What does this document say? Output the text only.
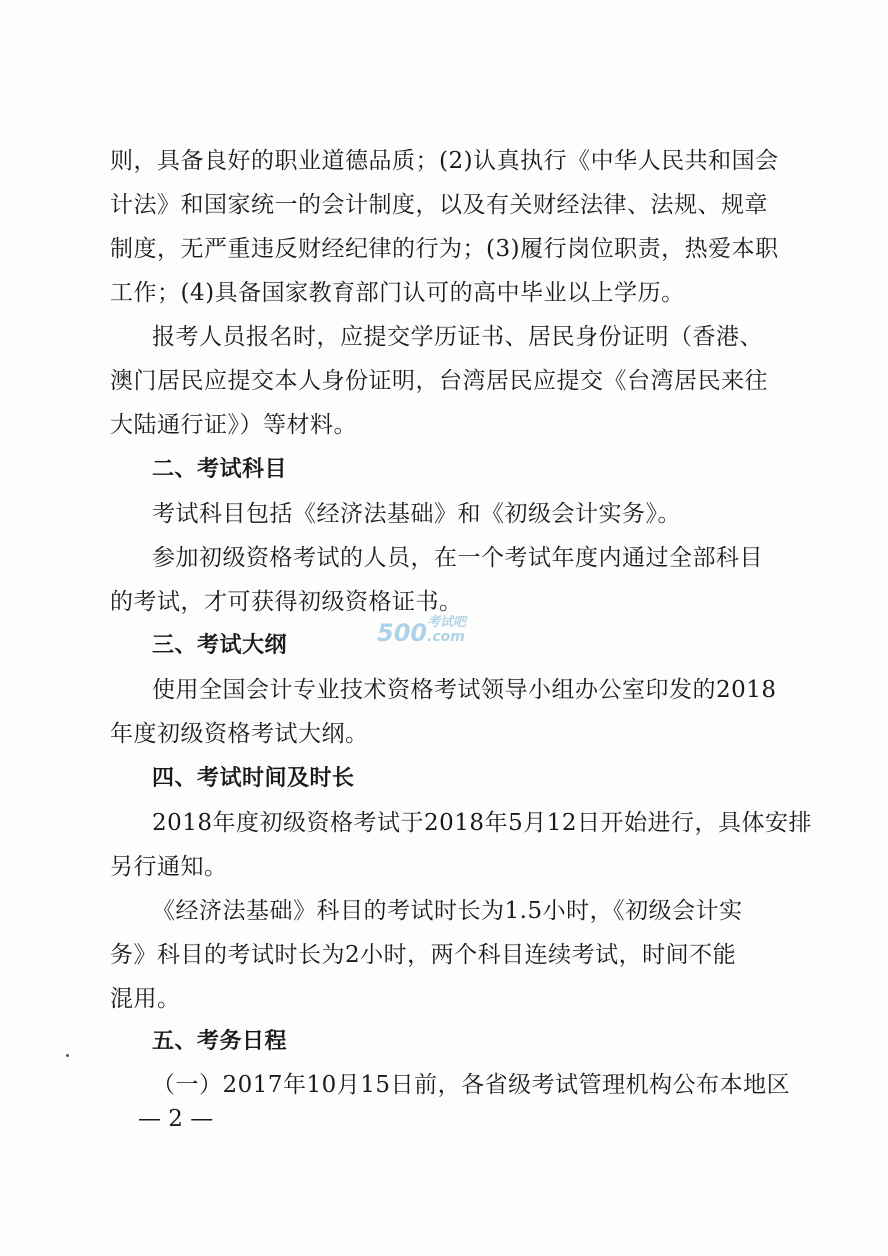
则，具备良好的职业道德品质；(2)认真执行《中华人民共和国会
计法》和国家统一的会计制度，以及有关财经法律、法规、规章
制度，无严重违反财经纪律的行为；(3)履行岗位职责，热爱本职
工作；(4)具备国家教育部门认可的高中毕业以上学历。
报考人员报名时，应提交学历证书、居民身份证明（香港、
澳门居民应提交本人身份证明，台湾居民应提交《台湾居民来往
大陆通行证》）等材料。
二、考试科目
考试科目包括《经济法基础》和《初级会计实务》。
参加初级资格考试的人员，在一个考试年度内通过全部科目
的考试，才可获得初级资格证书。
三、考试大纲
使用全国会计专业技术资格考试领导小组办公室印发的2018
年度初级资格考试大纲。
四、考试时间及时长
2018年度初级资格考试于2018年5月12日开始进行，具体安排
另行通知。
《经济法基础》科目的考试时长为1.5小时，《初级会计实
务》科目的考试时长为2小时，两个科目连续考试，时间不能
混用。
五、考务日程
（一）2017年10月15日前，各省级考试管理机构公布本地区
— 2 —
500 考试吧
.com
